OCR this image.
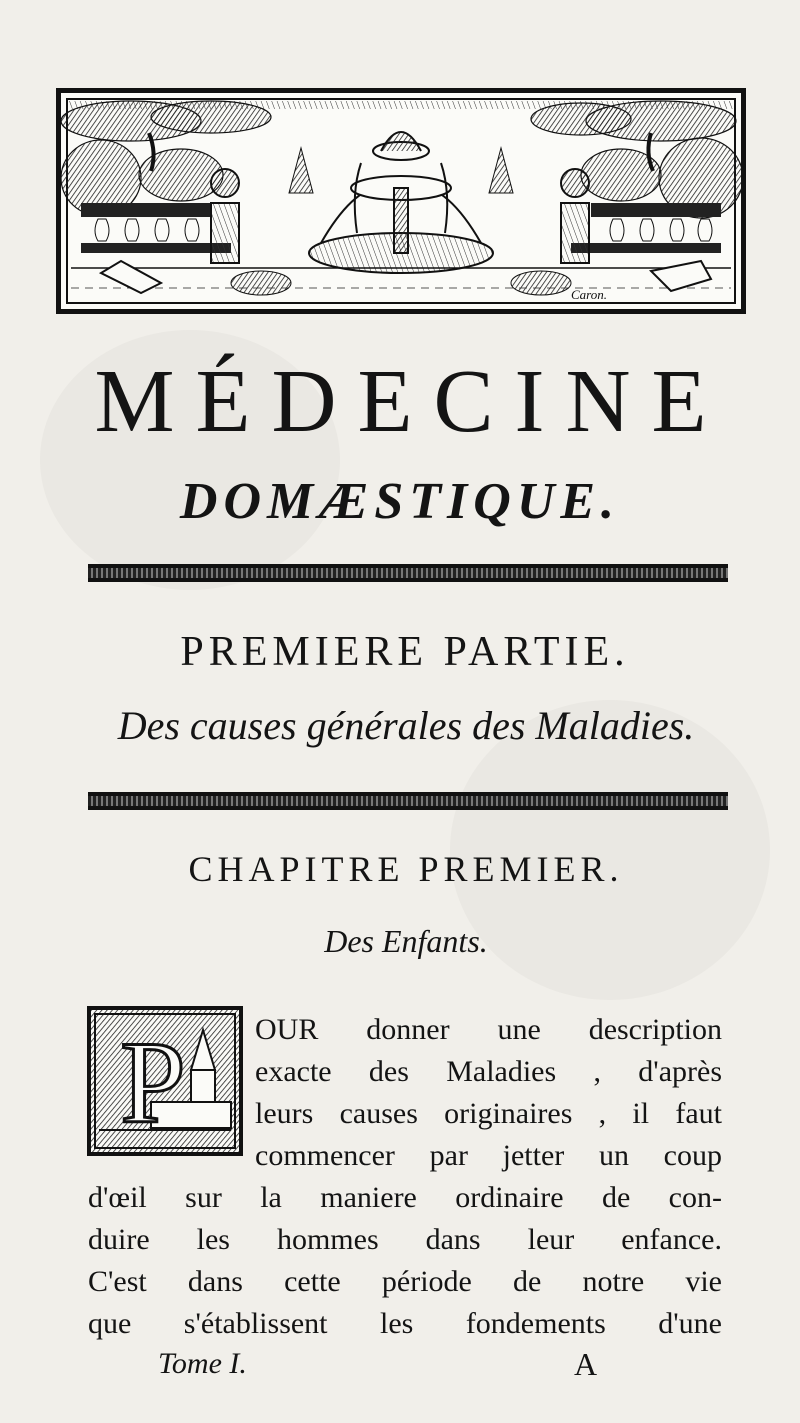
Caron.
MÉDECINE
DOMÆSTIQUE.
PREMIERE PARTIE.
Des causes générales des Maladies.
CHAPITRE PREMIER.
Des Enfants.
P OUR donner une description
exacte des Maladies , d'après
leurs causes originaires , il faut
commencer par jetter un coup
d'œil sur la maniere ordinaire de con-
duire les hommes dans leur enfance.
C'est dans cette période de notre vie
que s'établissent les fondements d'une
Tome I.	A
